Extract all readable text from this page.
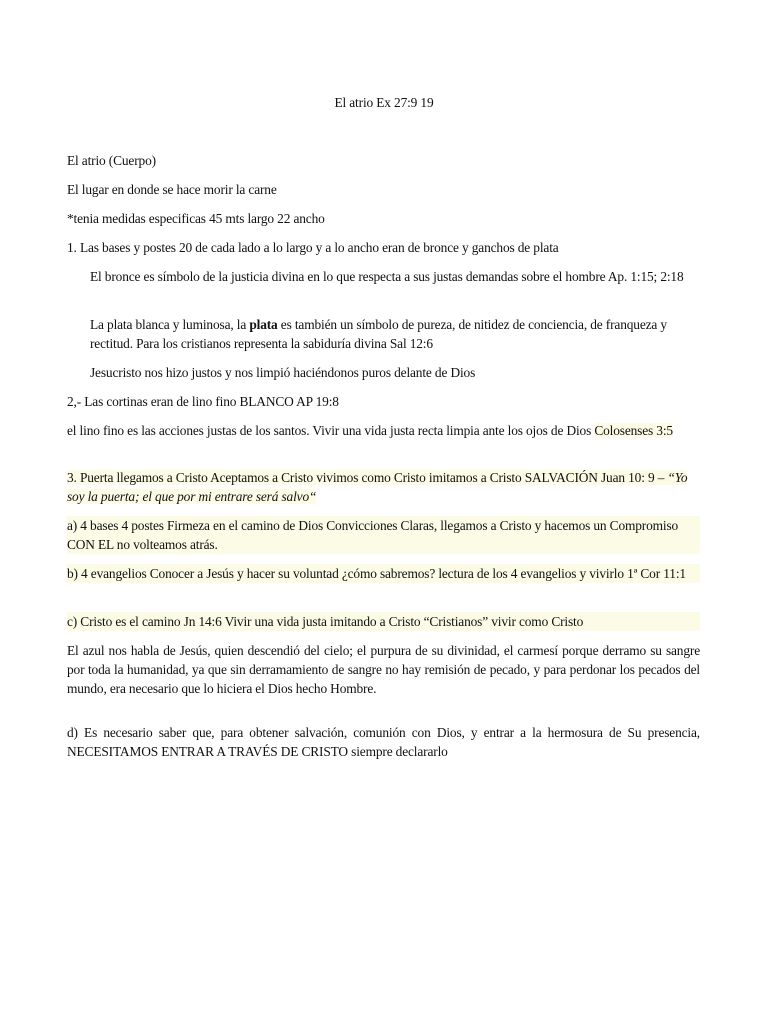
El atrio Ex 27:9 19

El atrio (Cuerpo)

El lugar en donde se hace morir la carne

*tenia medidas especificas 45 mts largo 22 ancho

1. Las bases y postes 20 de cada lado a lo largo y a lo ancho eran de bronce y ganchos de plata

El bronce es símbolo de la justicia divina en lo que respecta a sus justas demandas sobre el hombre Ap. 1:15; 2:18

La plata blanca y luminosa, la plata es también un símbolo de pureza, de nitidez de conciencia, de franqueza y rectitud. Para los cristianos representa la sabiduría divina Sal 12:6

Jesucristo nos hizo justos y nos limpió haciéndonos puros delante de Dios

2,- Las cortinas eran de lino fino BLANCO AP 19:8

el lino fino es las acciones justas de los santos. Vivir una vida justa recta limpia ante los ojos de Dios Colosenses 3:5

3. Puerta llegamos a Cristo Aceptamos a Cristo vivimos como Cristo imitamos a Cristo SALVACIÓN Juan 10: 9 – “Yo soy la puerta; el que por mi entrare será salvo“

a) 4 bases 4 postes Firmeza en el camino de Dios Convicciones Claras, llegamos a Cristo y hacemos un Compromiso CON EL no volteamos atrás.

b) 4 evangelios Conocer a Jesús y hacer su voluntad ¿cómo sabremos? lectura de los 4 evangelios y vivirlo 1ª Cor 11:1

c) Cristo es el camino Jn 14:6 Vivir una vida justa imitando a Cristo “Cristianos” vivir como Cristo

El azul nos habla de Jesús, quien descendió del cielo; el purpura de su divinidad, el carmesí porque derramo su sangre por toda la humanidad, ya que sin derramamiento de sangre no hay remisión de pecado, y para perdonar los pecados del mundo, era necesario que lo hiciera el Dios hecho Hombre.

d) Es necesario saber que, para obtener salvación, comunión con Dios, y entrar a la hermosura de Su presencia, NECESITAMOS ENTRAR A TRAVÉS DE CRISTO siempre declararlo
